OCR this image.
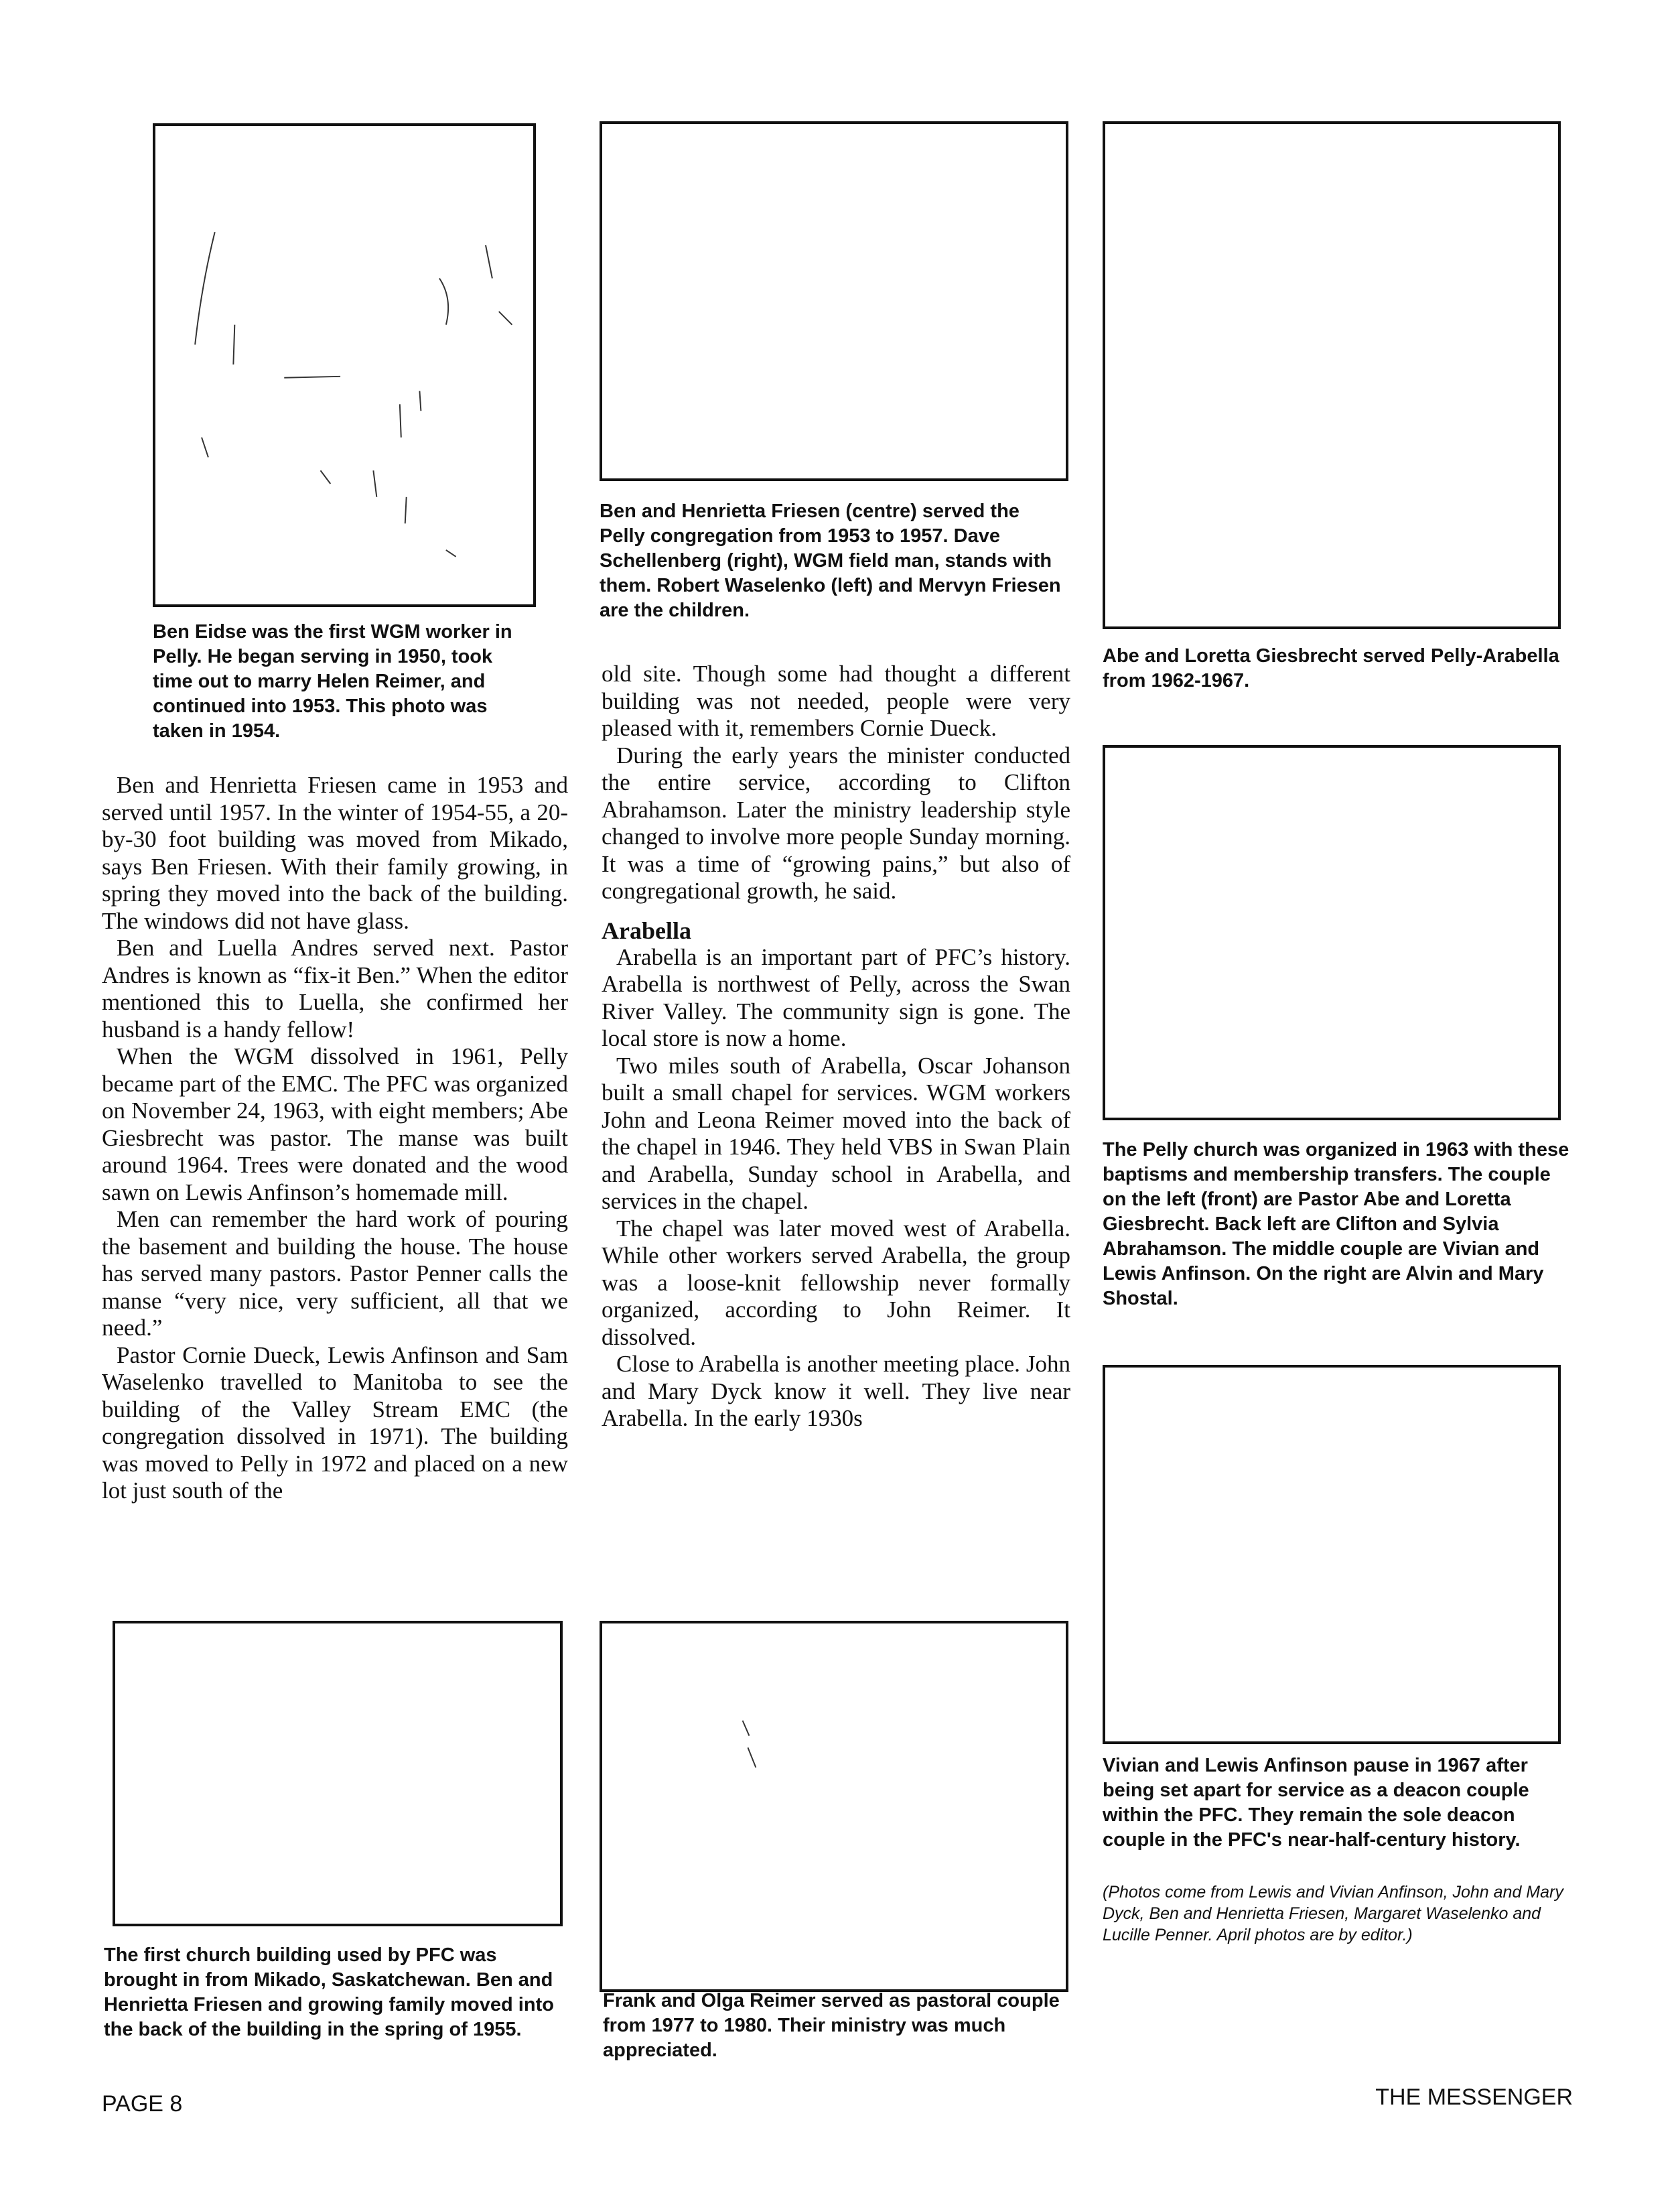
Ben Eidse was the first WGM worker in Pelly. He began serving in 1950, took time out to marry Helen Reimer, and continued into 1953. This photo was taken in 1954.

Ben and Henrietta Friesen (centre) served the Pelly congregation from 1953 to 1957. Dave Schellenberg (right), WGM field man, stands with them. Robert Waselenko (left) and Mervyn Friesen are the children.

Abe and Loretta Giesbrecht served Pelly-Arabella from 1962-1967.

The Pelly church was organized in 1963 with these baptisms and membership transfers. The couple on the left (front) are Pastor Abe and Loretta Giesbrecht. Back left are Clifton and Sylvia Abrahamson. The middle couple are Vivian and Lewis Anfinson. On the right are Alvin and Mary Shostal.

Vivian and Lewis Anfinson pause in 1967 after being set apart for service as a deacon couple within the PFC. They remain the sole deacon couple in the PFC's near-half-century history.

The first church building used by PFC was brought in from Mikado, Saskatchewan. Ben and Henrietta Friesen and growing family moved into the back of the building in the spring of 1955.

Frank and Olga Reimer served as pastoral couple from 1977 to 1980. Their ministry was much appreciated.

(Photos come from Lewis and Vivian Anfinson, John and Mary Dyck, Ben and Henrietta Friesen, Margaret Waselenko and Lucille Penner. April photos are by editor.)

Ben and Henrietta Friesen came in 1953 and served until 1957. In the winter of 1954-55, a 20-by-30 foot building was moved from Mikado, says Ben Friesen. With their family growing, in spring they moved into the back of the building. The windows did not have glass.

Ben and Luella Andres served next. Pastor Andres is known as “fix-it Ben.” When the editor mentioned this to Luella, she confirmed her husband is a handy fellow!

When the WGM dissolved in 1961, Pelly became part of the EMC. The PFC was organized on November 24, 1963, with eight members; Abe Giesbrecht was pastor. The manse was built around 1964. Trees were donated and the wood sawn on Lewis Anfinson’s homemade mill.

Men can remember the hard work of pouring the basement and building the house. The house has served many pastors. Pastor Penner calls the manse “very nice, very sufficient, all that we need.”

Pastor Cornie Dueck, Lewis Anfinson and Sam Waselenko travelled to Manitoba to see the building of the Valley Stream EMC (the congregation dissolved in 1971). The building was moved to Pelly in 1972 and placed on a new lot just south of the

old site. Though some had thought a different building was not needed, people were very pleased with it, remembers Cornie Dueck.

During the early years the minister conducted the entire service, according to Clifton Abrahamson. Later the ministry leadership style changed to involve more people Sunday morning. It was a time of “growing pains,” but also of congregational growth, he said.

Arabella

Arabella is an important part of PFC’s history. Arabella is northwest of Pelly, across the Swan River Valley. The community sign is gone. The local store is now a home.

Two miles south of Arabella, Oscar Johanson built a small chapel for services. WGM workers John and Leona Reimer moved into the back of the chapel in 1946. They held VBS in Swan Plain and Arabella, Sunday school in Arabella, and services in the chapel.

The chapel was later moved west of Arabella. While other workers served Arabella, the group was a loose-knit fellowship never formally organized, according to John Reimer. It dissolved.

Close to Arabella is another meeting place. John and Mary Dyck know it well. They live near Arabella. In the early 1930s

PAGE 8	THE MESSENGER
